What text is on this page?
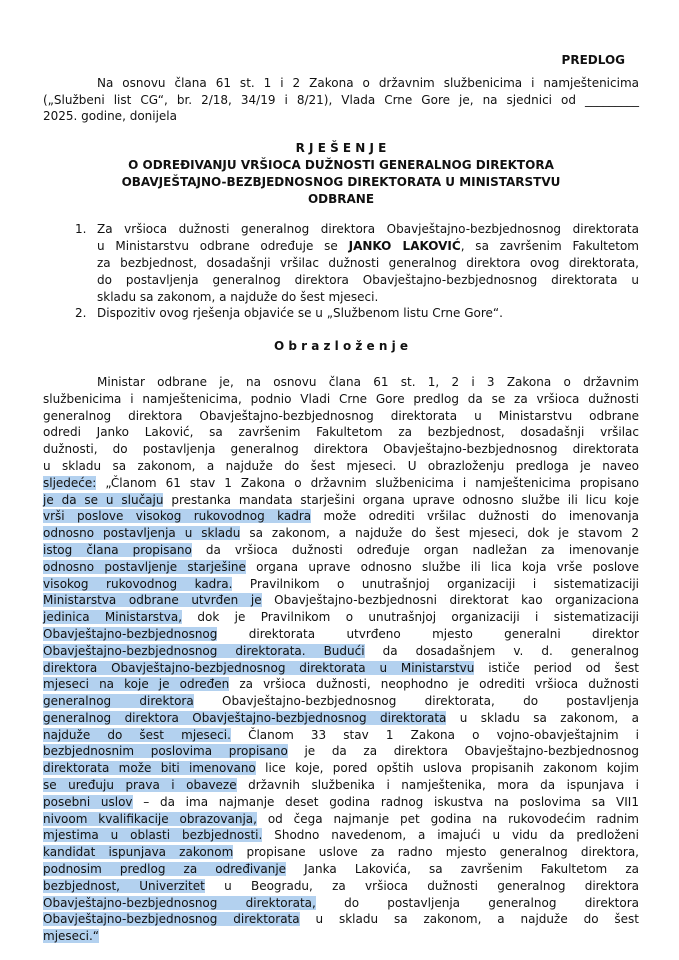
PREDLOG
Na osnovu člana 61 st. 1 i 2 Zakona o državnim službenicima i namještenicima
(„Službeni list CG“, br. 2/18, 34/19 i 8/21), Vlada Crne Gore je, na sjednici od _________
2025. godine, donijela
R J E Š E N J E
O ODREĐIVANJU VRŠIOCA DUŽNOSTI GENERALNOG DIREKTORA
OBAVJEŠTAJNO-BEZBJEDNOSNOG DIREKTORATA U MINISTARSTVU
ODBRANE
1. Za vršioca dužnosti generalnog direktora Obavještajno-bezbjednosnog direktorata
u Ministarstvu odbrane određuje se JANKO LAKOVIĆ, sa završenim Fakultetom
za bezbjednost, dosadašnji vršilac dužnosti generalnog direktora ovog direktorata,
do postavljenja generalnog direktora Obavještajno-bezbjednosnog direktorata u
skladu sa zakonom, a najduže do šest mjeseci.
2. Dispozitiv ovog rješenja objaviće se u „Službenom listu Crne Gore“.
O b r a z l o ž e n j e
Ministar odbrane je, na osnovu člana 61 st. 1, 2 i 3 Zakona o državnim
službenicima i namještenicima, podnio Vladi Crne Gore predlog da se za vršioca dužnosti
generalnog direktora Obavještajno-bezbjednosnog direktorata u Ministarstvu odbrane
odredi Janko Laković, sa završenim Fakultetom za bezbjednost, dosadašnji vršilac
dužnosti, do postavljenja generalnog direktora Obavještajno-bezbjednosnog direktorata
u skladu sa zakonom, a najduže do šest mjeseci. U obrazloženju predloga je naveo
sljedeće: „Članom 61 stav 1 Zakona o državnim službenicima i namještenicima propisano
je da se u slučaju prestanka mandata starješini organa uprave odnosno službe ili licu koje
vrši poslove visokog rukovodnog kadra može odrediti vršilac dužnosti do imenovanja
odnosno postavljenja u skladu sa zakonom, a najduže do šest mjeseci, dok je stavom 2
istog člana propisano da vršioca dužnosti određuje organ nadležan za imenovanje
odnosno postavljenje starješine organa uprave odnosno službe ili lica koja vrše poslove
visokog rukovodnog kadra. Pravilnikom o unutrašnjoj organizaciji i sistematizaciji
Ministarstva odbrane utvrđen je Obavještajno-bezbjednosni direktorat kao organizaciona
jedinica Ministarstva, dok je Pravilnikom o unutrašnjoj organizaciji i sistematizaciji
Obavještajno-bezbjednosnog direktorata utvrđeno mjesto generalni direktor
Obavještajno-bezbjednosnog direktorata. Budući da dosadašnjem v. d. generalnog
direktora Obavještajno-bezbjednosnog direktorata u Ministarstvu ističe period od šest
mjeseci na koje je određen za vršioca dužnosti, neophodno je odrediti vršioca dužnosti
generalnog direktora Obavještajno-bezbjednosnog direktorata, do postavljenja
generalnog direktora Obavještajno-bezbjednosnog direktorata u skladu sa zakonom, a
najduže do šest mjeseci. Članom 33 stav 1 Zakona o vojno-obavještajnim i
bezbjednosnim poslovima propisano je da za direktora Obavještajno-bezbjednosnog
direktorata može biti imenovano lice koje, pored opštih uslova propisanih zakonom kojim
se uređuju prava i obaveze državnih službenika i namještenika, mora da ispunjava i
posebni uslov – da ima najmanje deset godina radnog iskustva na poslovima sa VII1
nivoom kvalifikacije obrazovanja, od čega najmanje pet godina na rukovodećim radnim
mjestima u oblasti bezbjednosti. Shodno navedenom, a imajući u vidu da predloženi
kandidat ispunjava zakonom propisane uslove za radno mjesto generalnog direktora,
podnosim predlog za određivanje Janka Lakovića, sa završenim Fakultetom za
bezbjednost, Univerzitet u Beogradu, za vršioca dužnosti generalnog direktora
Obavještajno-bezbjednosnog direktorata, do postavljenja generalnog direktora
Obavještajno-bezbjednosnog direktorata u skladu sa zakonom, a najduže do šest
mjeseci.“
